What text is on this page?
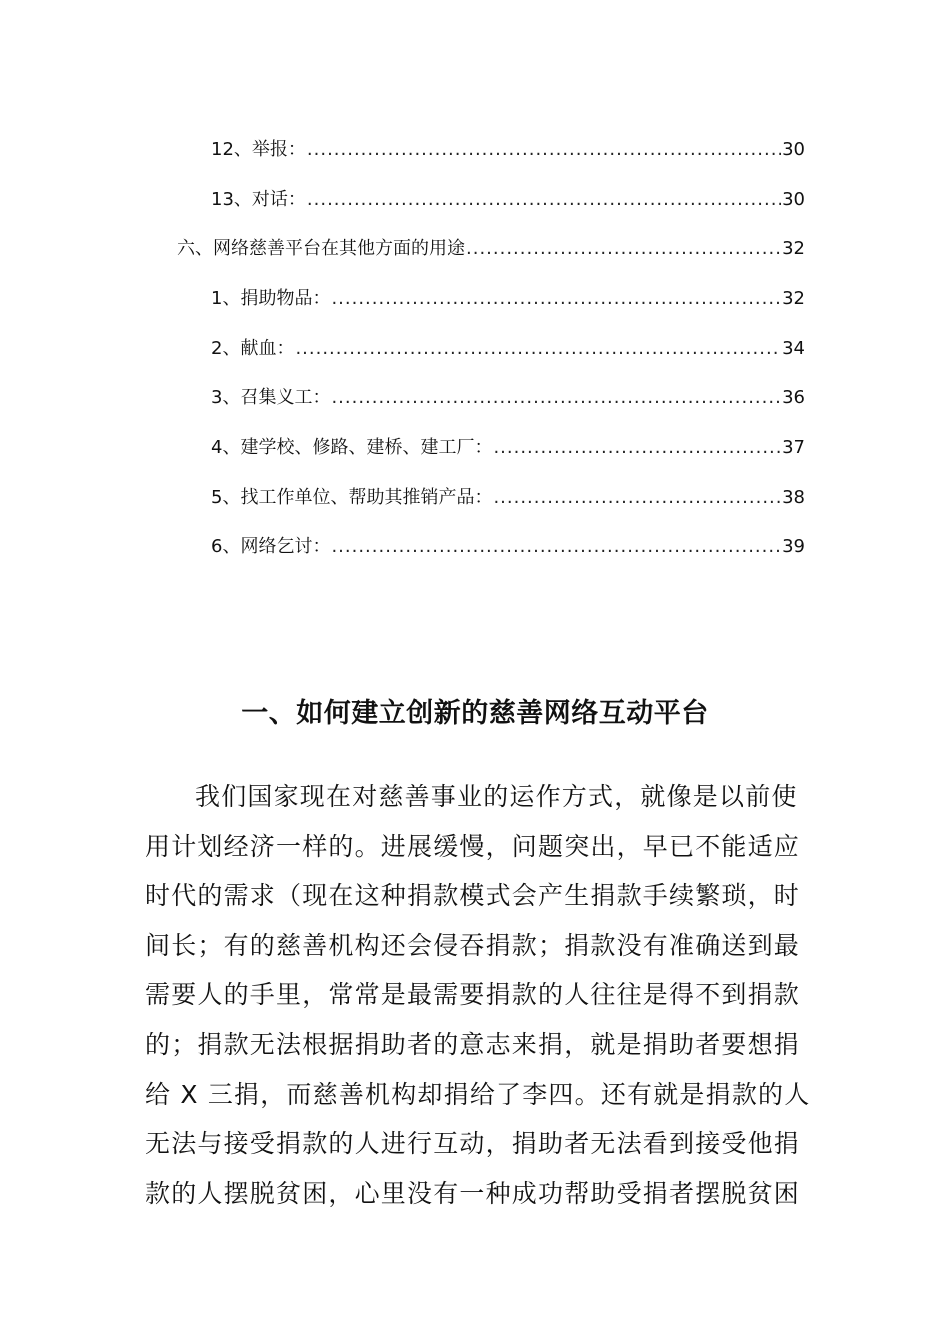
12、举报： .....	30
13、对话： .....	30
六、网络慈善平台在其他方面的用途 .....	32
1、捐助物品： .....	32
2、献血： .....	34
3、召集义工： .....	36
4、建学校、修路、建桥、建工厂： .....	37
5、找工作单位、帮助其推销产品： .....	38
6、网络乞讨： .....	39
一、如何建立创新的慈善网络互动平台
我们国家现在对慈善事业的运作方式，就像是以前使
用计划经济一样的。进展缓慢，问题突出，早已不能适应
时代的需求（现在这种捐款模式会产生捐款手续繁琐，时
间长；有的慈善机构还会侵吞捐款；捐款没有准确送到最
需要人的手里，常常是最需要捐款的人往往是得不到捐款
的；捐款无法根据捐助者的意志来捐，就是捐助者要想捐
给 X 三捐，而慈善机构却捐给了李四。还有就是捐款的人
无法与接受捐款的人进行互动，捐助者无法看到接受他捐
款的人摆脱贫困，心里没有一种成功帮助受捐者摆脱贫困
